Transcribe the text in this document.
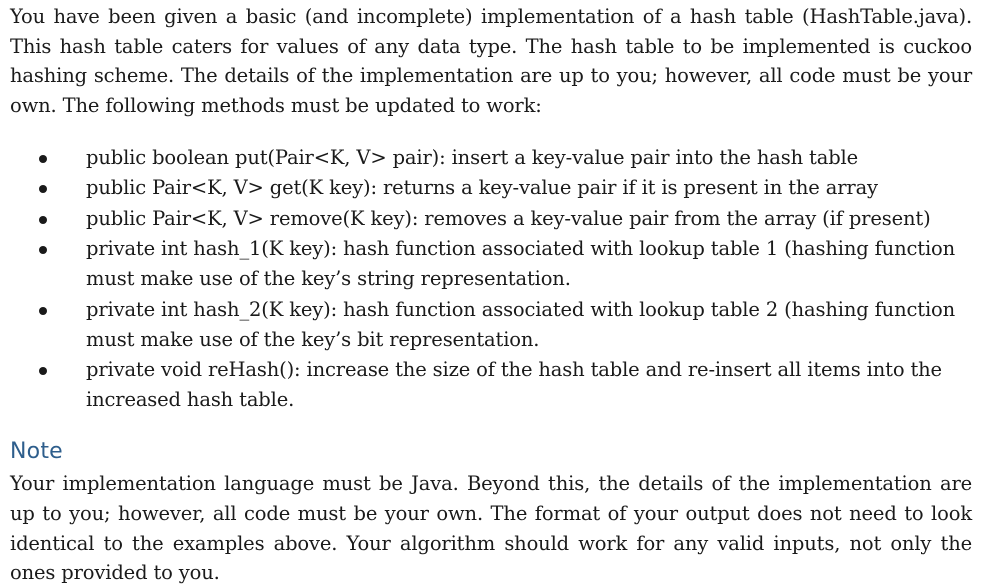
You have been given a basic (and incomplete) implementation of a hash table (HashTable.java). This hash table caters for values of any data type. The hash table to be implemented is cuckoo hashing scheme. The details of the implementation are up to you; however, all code must be your own. The following methods must be updated to work:

public boolean put(Pair<K, V> pair): insert a key-value pair into the hash table
public Pair<K, V> get(K key): returns a key-value pair if it is present in the array
public Pair<K, V> remove(K key): removes a key-value pair from the array (if present)
private int hash_1(K key): hash function associated with lookup table 1 (hashing function must make use of the key’s string representation.
private int hash_2(K key): hash function associated with lookup table 2 (hashing function must make use of the key’s bit representation.
private void reHash(): increase the size of the hash table and re-insert all items into the increased hash table.
Note

Your implementation language must be Java. Beyond this, the details of the implementation are up to you; however, all code must be your own. The format of your output does not need to look identical to the examples above. Your algorithm should work for any valid inputs, not only the ones provided to you.
